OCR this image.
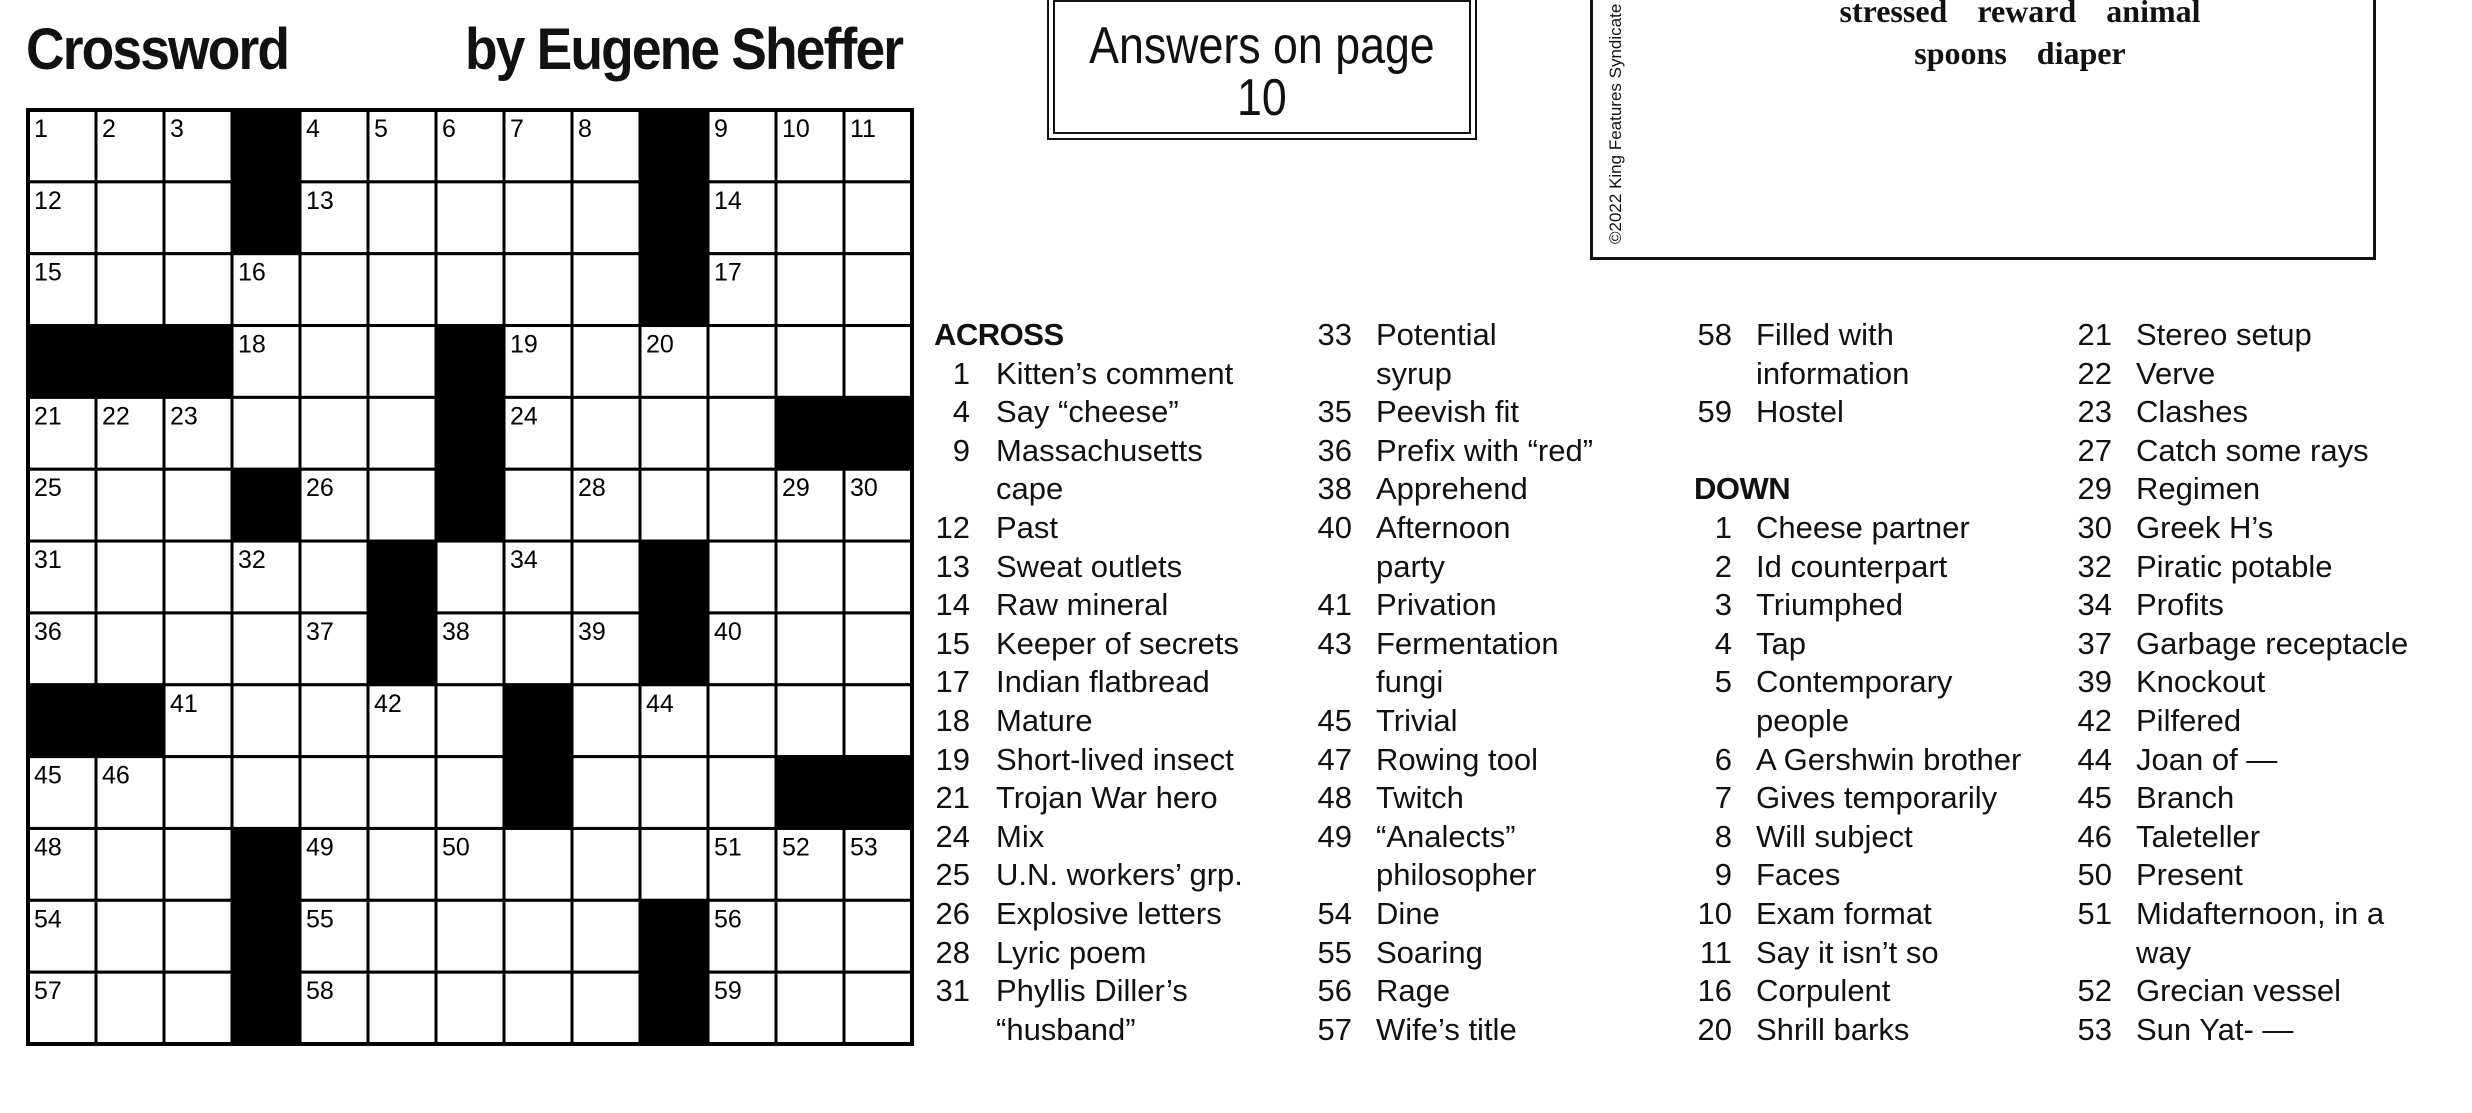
Crossword	by Eugene Sheffer
1 2 3	4 5 6 7 8	9 10 11
12	13	14
15	16	17
18	19	20
21 22 23	24
25	26	28	29 30
31	32	34
36	37	38	39	40
41	42	44
45 46
48	49	50	51 52 53
54	55	56
57	58	59
Answers on page
10	©2022 King Features Syndicate	stressed reward animal
spoons diaper
ACROSS
1 Kitten’s comment
4 Say “cheese”
9 Massachusetts
cape
12 Past
13 Sweat outlets
14 Raw mineral
15 Keeper of secrets
17 Indian flatbread
18 Mature
19 Short-lived insect
21 Trojan War hero
24 Mix
25 U.N. workers’ grp.
26 Explosive letters
28 Lyric poem
31 Phyllis Diller’s
“husband”
33 Potential
syrup
35 Peevish fit
36 Prefix with “red”
38 Apprehend
40 Afternoon
party
41 Privation
43 Fermentation
fungi
45 Trivial
47 Rowing tool
48 Twitch
49 “Analects”
philosopher
54 Dine
55 Soaring
56 Rage
57 Wife’s title
58 Filled with
information
59 Hostel
DOWN
1 Cheese partner
2 Id counterpart
3 Triumphed
4 Tap
5 Contemporary
people
6 A Gershwin brother
7 Gives temporarily
8 Will subject
9 Faces
10 Exam format
11 Say it isn’t so
16 Corpulent
20 Shrill barks
21 Stereo setup
22 Verve
23 Clashes
27 Catch some rays
29 Regimen
30 Greek H’s
32 Piratic potable
34 Profits
37 Garbage receptacle
39 Knockout
42 Pilfered
44 Joan of —
45 Branch
46 Taleteller
50 Present
51 Midafternoon, in a
way
52 Grecian vessel
53 Sun Yat- —
